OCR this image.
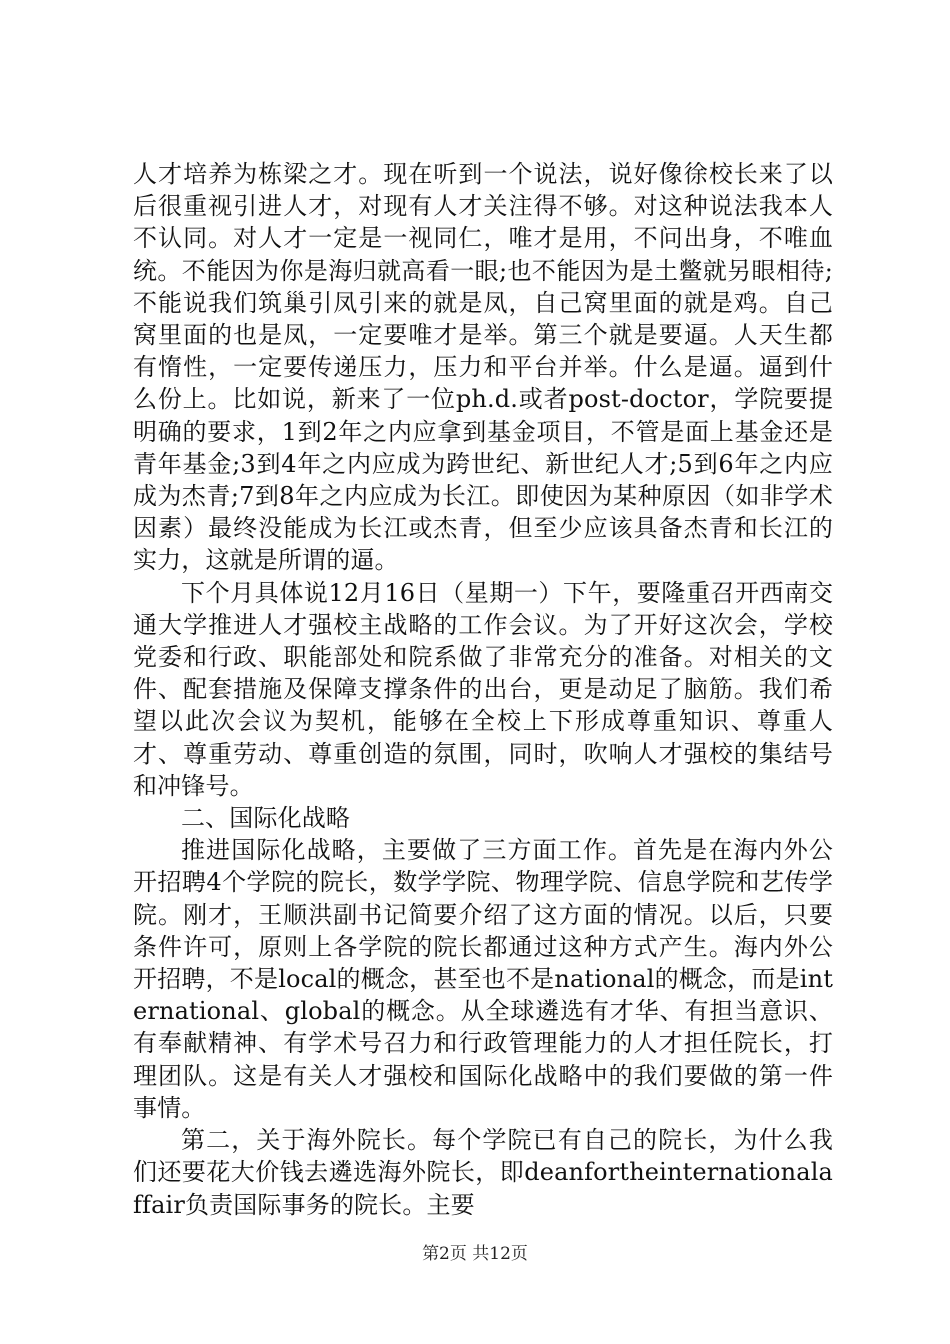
人才培养为栋梁之才。现在听到一个说法，说好像徐校长来了以后很重视引进人才，对现有人才关注得不够。对这种说法我本人不认同。对人才一定是一视同仁，唯才是用，不问出身，不唯血统。不能因为你是海归就高看一眼;也不能因为是土鳖就另眼相待;不能说我们筑巢引凤引来的就是凤，自己窝里面的就是鸡。自己窝里面的也是凤，一定要唯才是举。第三个就是要逼。人天生都有惰性，一定要传递压力，压力和平台并举。什么是逼。逼到什么份上。比如说，新来了一位ph.d.或者post-doctor，学院要提明确的要求，1到2年之内应拿到基金项目，不管是面上基金还是青年基金;3到4年之内应成为跨世纪、新世纪人才;5到6年之内应成为杰青;7到8年之内应成为长江。即使因为某种原因（如非学术因素）最终没能成为长江或杰青，但至少应该具备杰青和长江的实力，这就是所谓的逼。

下个月具体说12月16日（星期一）下午，要隆重召开西南交通大学推进人才强校主战略的工作会议。为了开好这次会，学校党委和行政、职能部处和院系做了非常充分的准备。对相关的文件、配套措施及保障支撑条件的出台，更是动足了脑筋。我们希望以此次会议为契机，能够在全校上下形成尊重知识、尊重人才、尊重劳动、尊重创造的氛围，同时，吹响人才强校的集结号和冲锋号。

二、国际化战略

推进国际化战略，主要做了三方面工作。首先是在海内外公开招聘4个学院的院长，数学学院、物理学院、信息学院和艺传学院。刚才，王顺洪副书记简要介绍了这方面的情况。以后，只要条件许可，原则上各学院的院长都通过这种方式产生。海内外公开招聘，不是local的概念，甚至也不是national的概念，而是international、global的概念。从全球遴选有才华、有担当意识、有奉献精神、有学术号召力和行政管理能力的人才担任院长，打理团队。这是有关人才强校和国际化战略中的我们要做的第一件事情。

第二，关于海外院长。每个学院已有自己的院长，为什么我们还要花大价钱去遴选海外院长，即deanfortheinternationalaffair负责国际事务的院长。主要

第2页 共12页
